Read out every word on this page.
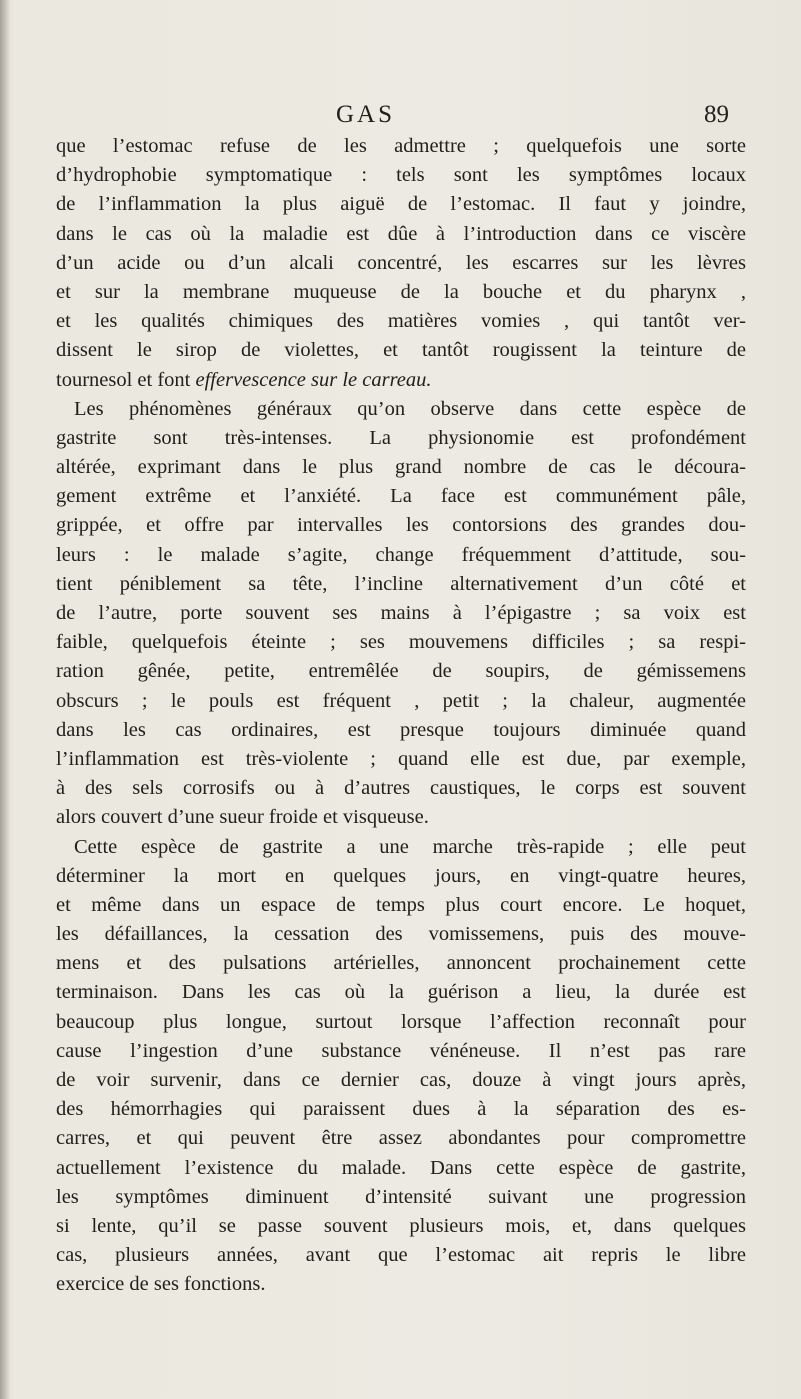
GAS	89
que l’estomac refuse de les admettre ; quelquefois une sorte
d’hydrophobie symptomatique : tels sont les symptômes locaux
de l’inflammation la plus aiguë de l’estomac. Il faut y joindre,
dans le cas où la maladie est dûe à l’introduction dans ce viscère
d’un acide ou d’un alcali concentré, les escarres sur les lèvres
et sur la membrane muqueuse de la bouche et du pharynx ,
et les qualités chimiques des matières vomies , qui tantôt ver-
dissent le sirop de violettes, et tantôt rougissent la teinture de
tournesol et font effervescence sur le carreau.
Les phénomènes généraux qu’on observe dans cette espèce de
gastrite sont très-intenses. La physionomie est profondément
altérée, exprimant dans le plus grand nombre de cas le découra-
gement extrême et l’anxiété. La face est communément pâle,
grippée, et offre par intervalles les contorsions des grandes dou-
leurs : le malade s’agite, change fréquemment d’attitude, sou-
tient péniblement sa tête, l’incline alternativement d’un côté et
de l’autre, porte souvent ses mains à l’épigastre ; sa voix est
faible, quelquefois éteinte ; ses mouvemens difficiles ; sa respi-
ration gênée, petite, entremêlée de soupirs, de gémissemens
obscurs ; le pouls est fréquent , petit ; la chaleur, augmentée
dans les cas ordinaires, est presque toujours diminuée quand
l’inflammation est très-violente ; quand elle est due, par exemple,
à des sels corrosifs ou à d’autres caustiques, le corps est souvent
alors couvert d’une sueur froide et visqueuse.
Cette espèce de gastrite a une marche très-rapide ; elle peut
déterminer la mort en quelques jours, en vingt-quatre heures,
et même dans un espace de temps plus court encore. Le hoquet,
les défaillances, la cessation des vomissemens, puis des mouve-
mens et des pulsations artérielles, annoncent prochainement cette
terminaison. Dans les cas où la guérison a lieu, la durée est
beaucoup plus longue, surtout lorsque l’affection reconnaît pour
cause l’ingestion d’une substance vénéneuse. Il n’est pas rare
de voir survenir, dans ce dernier cas, douze à vingt jours après,
des hémorrhagies qui paraissent dues à la séparation des es-
carres, et qui peuvent être assez abondantes pour compromettre
actuellement l’existence du malade. Dans cette espèce de gastrite,
les symptômes diminuent d’intensité suivant une progression
si lente, qu’il se passe souvent plusieurs mois, et, dans quelques
cas, plusieurs années, avant que l’estomac ait repris le libre
exercice de ses fonctions.
